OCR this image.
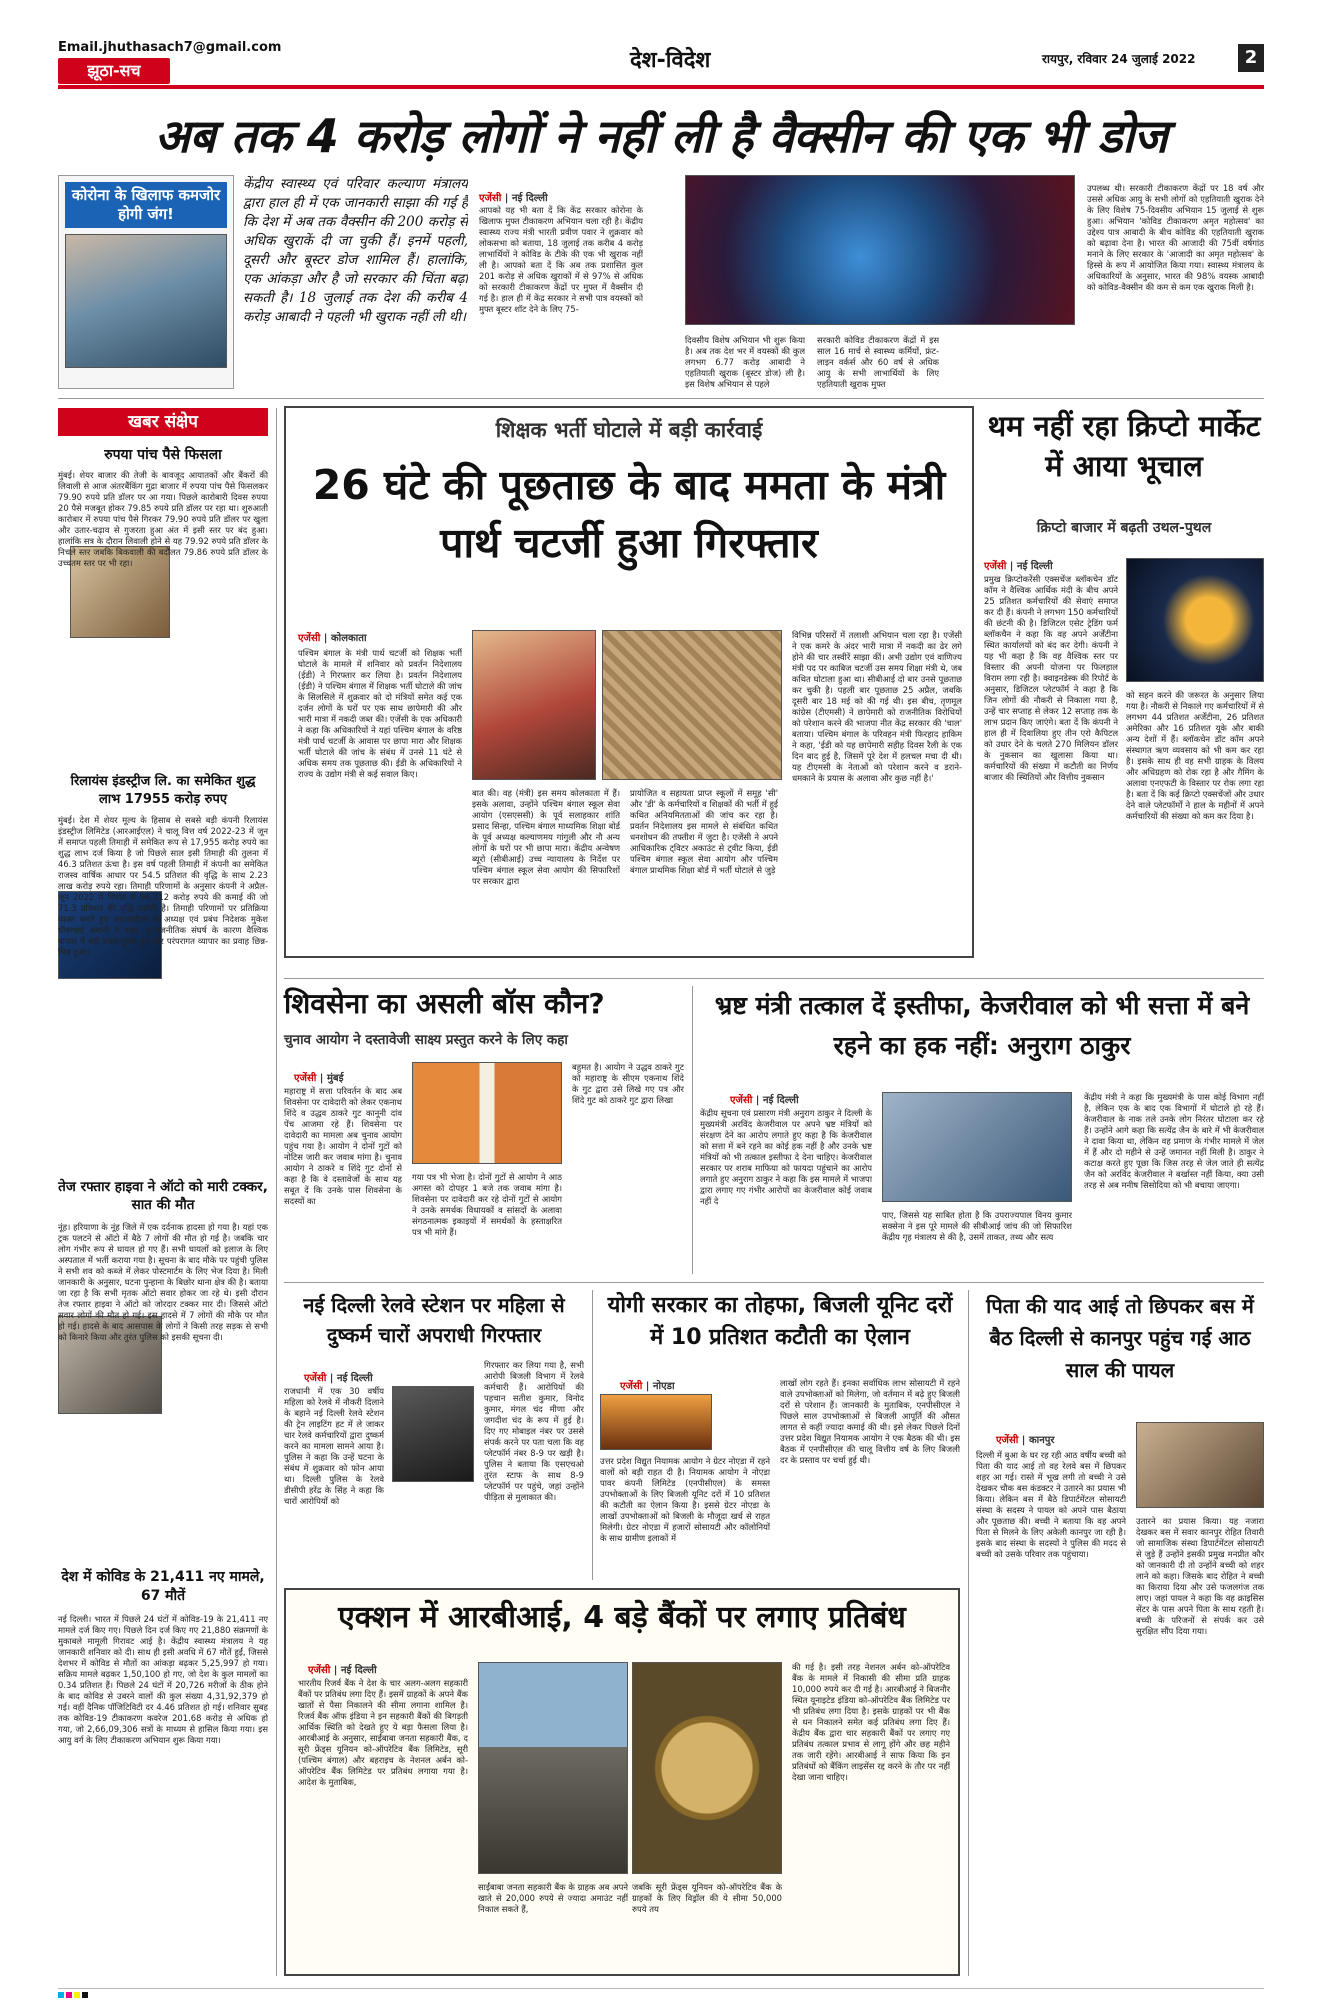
Email.jhuthasach7@gmail.com
झूठा-सच	देश-विदेश	रायपुर, रविवार 24 जुलाई 2022	2
अब तक 4 करोड़ लोगों ने नहीं ली है वैक्सीन की एक भी डोज
कोरोना के खिलाफ कमजोर होगी जंग!
केंद्रीय स्वास्थ्य एवं परिवार कल्याण मंत्रालय द्वारा हाल ही में एक जानकारी साझा की गई है कि देश में अब तक वैक्सीन की 200 करोड़ से अधिक खुराकें दी जा चुकी हैं। इनमें पहली, दूसरी और बूस्टर डोज शामिल हैं। हालांकि, एक आंकड़ा और है जो सरकार की चिंता बढ़ा सकती है। 18 जुलाई तक देश की करीब 4 करोड़ आबादी ने पहली भी खुराक नहीं ली थी।
एजेंसी | नई दिल्ली
आपको यह भी बता दें कि केंद्र सरकार कोरोना के खिलाफ मुफ्त टीकाकरण अभियान चला रही है। केंद्रीय स्वास्थ्य राज्य मंत्री भारती प्रवीण पवार ने शुक्रवार को लोकसभा को बताया, 18 जुलाई तक करीब 4 करोड़ लाभार्थियों ने कोविड के टीके की एक भी खुराक नहीं ली है। आपको बता दें कि अब तक प्रशासित कुल 201 करोड़ से अधिक खुराकों में से 97% से अधिक को सरकारी टीकाकरण केंद्रों पर मुफ्त में वैक्सीन दी गई है। हाल ही में केंद्र सरकार ने सभी पात्र वयस्कों को मुफ्त बूस्टर शॉट देने के लिए 75-
दिवसीय विशेष अभियान भी शुरू किया है। अब तक देश भर में वयस्कों की कुल लगभग 6.77 करोड़ आबादी ने एहतियाती खुराक (बूस्टर डोज) ली है। इस विशेष अभियान से पहले
सरकारी कोविड टीकाकरण केंद्रों में इस साल 16 मार्च से स्वास्थ्य कर्मियों, फ्रंट-लाइन वर्कर्स और 60 वर्ष से अधिक आयु के सभी लाभार्थियों के लिए एहतियाती खुराक मुफ्त
उपलब्ध थी। सरकारी टीकाकरण केंद्रों पर 18 वर्ष और उससे अधिक आयु के सभी लोगों को एहतियाती खुराक देने के लिए विशेष 75-दिवसीय अभियान 15 जुलाई से शुरू हुआ। अभियान 'कोविड टीकाकरण अमृत महोत्सव' का उद्देश्य पात्र आबादी के बीच कोविड की एहतियाती खुराक को बढ़ावा देना है। भारत की आजादी की 75वीं वर्षगांठ मनाने के लिए सरकार के 'आजादी का अमृत महोत्सव' के हिस्से के रूप में आयोजित किया गया। स्वास्थ्य मंत्रालय के अधिकारियों के अनुसार, भारत की 98% वयस्क आबादी को कोविड-वैक्सीन की कम से कम एक खुराक मिली है।
खबर संक्षेप
रुपया पांच पैसे फिसला
मुंबई। शेयर बाजार की तेजी के बावजूद आयातकों और बैंकरों की लिवाली से आज अंतरबैंकिंग मुद्रा बाजार में रुपया पांच पैसे फिसलकर 79.90 रुपये प्रति डॉलर पर आ गया। पिछले कारोबारी दिवस रुपया 20 पैसे मजबूत होकर 79.85 रुपये प्रति डॉलर पर रहा था। शुरुआती कारोबार में रुपया पांच पैसे गिरकर 79.90 रुपये प्रति डॉलर पर खुला और उतार-चढ़ाव से गुजरता हुआ अंत में इसी स्तर पर बंद हुआ। हालांकि सत्र के दौरान लिवाली होने से यह 79.92 रुपये प्रति डॉलर के निचले स्तर जबकि बिकवाली की बदौलत 79.86 रुपये प्रति डॉलर के उच्चतम स्तर पर भी रहा।
रिलायंस इंडस्ट्रीज लि. का समेकित शुद्ध लाभ 17955 करोड़ रुपए
मुंबई। देश में शेयर मूल्य के हिसाब से सबसे बड़ी कंपनी रिलायंस इंडस्ट्रीज लिमिटेड (आरआईएल) ने चालू वित्त वर्ष 2022-23 में जून में समाप्त पहली तिमाही में समेकित रूप से 17,955 करोड़ रुपये का शुद्ध लाभ दर्ज किया है जो पिछले साल इसी तिमाही की तुलना में 46.3 प्रतिशत ऊंचा है। इस वर्ष पहली तिमाही में कंपनी का समेकित राजस्व वार्षिक आधार पर 54.5 प्रतिशत की वृद्धि के साथ 2.23 लाख करोड़ रुपये रहा। तिमाही परिणामों के अनुसार कंपनी ने अप्रैल-जून 2022 में निर्यात से 96,212 करोड़ रुपये की कमाई की जो 71.3 प्रतिशत की वृद्धि दर्शाती है। तिमाही परिणामों पर प्रतिक्रिया व्यक्त करते हुए आरआईएल के अध्यक्ष एवं प्रबंध निदेशक मुकेश धीरूभाई अंबानी ने कहा, भू-राजनीतिक संघर्ष के कारण वैश्विक बाजार में बड़ी उथल-पुथल हुई और परंपरागत व्यापार का प्रवाह छिन्न-भिन्न हुआ।
तेज रफ्तार हाइवा ने ऑटो को मारी टक्कर, सात की मौत
नूंह। हरियाणा के नूंह जिले में एक दर्दनाक हादसा हो गया है। यहां एक ट्रक पलटने से ऑटो में बैठे 7 लोगों की मौत हो गई है। जबकि चार लोग गंभीर रूप से घायल हो गए हैं। सभी घायलों को इलाज के लिए अस्पताल में भर्ती कराया गया है। सूचना के बाद मौके पर पहुंची पुलिस ने सभी शव को कब्जे में लेकर पोस्टमार्टम के लिए भेज दिया है। मिली जानकारी के अनुसार, घटना पुन्हाना के बिछोर थाना क्षेत्र की है। बताया जा रहा है कि सभी मृतक ऑटो सवार होकर जा रहे थे। इसी दौरान तेज रफ्तार हाइवा ने ऑटो को जोरदार टक्कर मार दी। जिससे ऑटो सवार लोगों की मौत हो गई। इस हादसे में 7 लोगों की मौके पर मौत हो गई। हादसे के बाद आसपास के लोगों ने किसी तरह सड़क से सभी को किनारे किया और तुरंत पुलिस को इसकी सूचना दी।
देश में कोविड के 21,411 नए मामले, 67 मौतें
नई दिल्ली। भारत में पिछले 24 घंटों में कोविड-19 के 21,411 नए मामले दर्ज किए गए। पिछले दिन दर्ज किए गए 21,880 संक्रमणों के मुकाबले मामूली गिरावट आई है। केंद्रीय स्वास्थ्य मंत्रालय ने यह जानकारी शनिवार को दी। साथ ही इसी अवधि में 67 मौतें हुईं, जिससे देशभर में कोविड से मौतों का आंकड़ा बढ़कर 5,25,997 हो गया। सक्रिय मामले बढ़कर 1,50,100 हो गए, जो देश के कुल मामलों का 0.34 प्रतिशत हैं। पिछले 24 घंटों में 20,726 मरीजों के ठीक होने के बाद कोविड से उबरने वालों की कुल संख्या 4,31,92,379 हो गई। वहीं दैनिक पॉजिटिविटी दर 4.46 प्रतिशत हो गई। शनिवार सुबह तक कोविड-19 टीकाकरण कवरेज 201.68 करोड़ से अधिक हो गया, जो 2,66,09,306 सत्रों के माध्यम से हासिल किया गया। इस आयु वर्ग के लिए टीकाकरण अभियान शुरू किया गया।
शिक्षक भर्ती घोटाले में बड़ी कार्रवाई
26 घंटे की पूछताछ के बाद ममता के मंत्री पार्थ चटर्जी हुआ गिरफ्तार
एजेंसी | कोलकाता
पश्चिम बंगाल के मंत्री पार्थ चटर्जी को शिक्षक भर्ती घोटाले के मामले में शनिवार को प्रवर्तन निदेशालय (ईडी) ने गिरफ्तार कर लिया है। प्रवर्तन निदेशालय (ईडी) ने पश्चिम बंगाल में शिक्षक भर्ती घोटाले की जांच के सिलसिले में शुक्रवार को दो मंत्रियों समेत कई एक दर्जन लोगों के घरों पर एक साथ छापेमारी की और भारी मात्रा में नकदी जब्त की। एजेंसी के एक अधिकारी ने कहा कि अधिकारियों ने यहां पश्चिम बंगाल के वरिष्ठ मंत्री पार्थ चटर्जी के आवास पर छापा मारा और शिक्षक भर्ती घोटाले की जांच के संबंध में उनसे 11 घंटे से अधिक समय तक पूछताछ की। ईडी के अधिकारियों ने राज्य के उद्योग मंत्री से कई सवाल किए।
बात की। वह (मंत्री) इस समय कोलकाता में हैं। इसके अलावा, उन्होंने पश्चिम बंगाल स्कूल सेवा आयोग (एसएससी) के पूर्व सलाहकार शांति प्रसाद सिन्हा, पश्चिम बंगाल माध्यमिक शिक्षा बोर्ड के पूर्व अध्यक्ष कल्याणमय गांगुली और नौ अन्य लोगों के घरों पर भी छापा मारा। केंद्रीय अन्वेषण ब्यूरो (सीबीआई) उच्च न्यायालय के निर्देश पर पश्चिम बंगाल स्कूल सेवा आयोग की सिफारिशों पर सरकार द्वारा
प्रायोजित व सहायता प्राप्त स्कूलों में समूह 'सी' और 'डी' के कर्मचारियों व शिक्षकों की भर्ती में हुई कथित अनियमितताओं की जांच कर रहा है। प्रवर्तन निदेशालय इस मामले से संबंधित कथित धनशोधन की तफ्तीश में जुटा है। एजेंसी ने अपने आधिकारिक ट्विटर अकाउंट से ट्वीट किया, ईडी पश्चिम बंगाल स्कूल सेवा आयोग और पश्चिम बंगाल प्राथमिक शिक्षा बोर्ड में भर्ती घोटाले से जुड़े
विभिन्न परिसरों में तलाशी अभियान चला रहा है। एजेंसी ने एक कमरे के अंदर भारी मात्रा में नकदी का ढेर लगे होने की चार तस्वीरें साझा कीं। अभी उद्योग एवं वाणिज्य मंत्री पद पर काबिज चटर्जी उस समय शिक्षा मंत्री थे, जब कथित घोटाला हुआ था। सीबीआई दो बार उनसे पूछताछ कर चुकी है। पहली बार पूछताछ 25 अप्रैल, जबकि दूसरी बार 18 मई को की गई थी। इस बीच, तृणमूल कांग्रेस (टीएमसी) ने छापेमारी को राजनीतिक विरोधियों को परेशान करने की भाजपा नीत केंद्र सरकार की 'चाल' बताया। पश्चिम बंगाल के परिवहन मंत्री फिरहाद हाकिम ने कहा, 'ईडी को यह छापेमारी सहीह दिवस रैली के एक दिन बाद हुई है, जिसमें पूरे देश में हलचल मचा दी थी। यह टीएमसी के नेताओं को परेशान करने व डराने-धमकाने के प्रयास के अलावा और कुछ नहीं है।'
थम नहीं रहा क्रिप्टो मार्केट में आया भूचाल
क्रिप्टो बाजार में बढ़ती उथल-पुथल
एजेंसी | नई दिल्ली
प्रमुख क्रिप्टोकरेंसी एक्सचेंज ब्लॉकचेन डॉट कॉम ने वैश्विक आर्थिक मंदी के बीच अपने 25 प्रतिशत कर्मचारियों की सेवाएं समाप्त कर दी हैं। कंपनी ने लगभग 150 कर्मचारियों की छंटनी की है। डिजिटल एसेट ट्रेडिंग फर्म ब्लॉकचैन ने कहा कि वह अपने अर्जेंटीना स्थित कार्यालयों को बंद कर देगी। कंपनी ने यह भी कहा है कि वह वैश्विक स्तर पर विस्तार की अपनी योजना पर फिलहाल विराम लगा रही है। क्वाइनडेस्क की रिपोर्ट के अनुसार, डिजिटल प्लेटफॉर्म ने कहा है कि जिन लोगों की नौकरी से निकाला गया है, उन्हें चार सप्ताह से लेकर 12 सप्ताह तक के लाभ प्रदान किए जाएंगे। बता दें कि कंपनी ने हाल ही में दिवालिया हुए तीन एरो कैपिटल को उधार देने के चलते 270 मिलियन डॉलर के नुकसान का खुलासा किया था। कर्मचारियों की संख्या में कटौती का निर्णय बाजार की स्थितियों और वित्तीय नुकसान
को सहन करने की जरूरत के अनुसार लिया गया है। नौकरी से निकाले गए कर्मचारियों में से लगभग 44 प्रतिशत अर्जेंटीना, 26 प्रतिशत अमेरिका और 16 प्रतिशत यूके और बाकी अन्य देशों में हैं। ब्लॉकचेन डॉट कॉम अपने संस्थागत ऋण व्यवसाय को भी कम कर रहा है। इसके साथ ही वह सभी ग्राहक के विलय और अधिग्रहण को रोक रहा है और गैमिंग के अलावा एनएफटी के विस्तार पर रोक लगा रहा है। बता दें कि कई क्रिप्टो एक्सचेंजों और उधार देने वाले प्लेटफॉर्मों ने हाल के महीनों में अपने कर्मचारियों की संख्या को कम कर दिया है।
शिवसेना का असली बॉस कौन?
चुनाव आयोग ने दस्तावेजी साक्ष्य प्रस्तुत करने के लिए कहा
एजेंसी | मुंबई
महाराष्ट्र में सत्ता परिवर्तन के बाद अब शिवसेना पर दावेदारी को लेकर एकनाथ शिंदे व उद्धव ठाकरे गुट कानूनी दांव पेंच आजमा रहे हैं। शिवसेना पर दावेदारी का मामला अब चुनाव आयोग पहुंच गया है। आयोग ने दोनों गुटों को नोटिस जारी कर जवाब मांगा है। चुनाव आयोग ने ठाकरे व शिंदे गुट दोनों से कहा है कि वे दस्तावेजों के साथ यह सबूत दें कि उनके पास शिवसेना के सदस्यों का
गया पत्र भी भेजा है। दोनों गुटों से आयोग ने आठ अगस्त को दोपहर 1 बजे तक जवाब मांगा है। शिवसेना पर दावेदारी कर रहे दोनों गुटों से आयोग ने उनके समर्थक विधायकों व सांसदों के अलावा संगठनात्मक इकाइयों में समर्थकों के हस्ताक्षरित पत्र भी मांगे हैं।
बहुमत है। आयोग ने उद्धव ठाकरे गुट को महाराष्ट्र के सीएम एकनाथ शिंदे के गुट द्वारा उसे लिखे गए पत्र और शिंदे गुट को ठाकरे गुट द्वारा लिखा
भ्रष्ट मंत्री तत्काल दें इस्तीफा, केजरीवाल को भी सत्ता में बने रहने का हक नहीं: अनुराग ठाकुर
एजेंसी | नई दिल्ली
केंद्रीय सूचना एवं प्रसारण मंत्री अनुराग ठाकुर ने दिल्ली के मुख्यमंत्री अरविंद केजरीवाल पर अपने भ्रष्ट मंत्रियों को संरक्षण देने का आरोप लगाते हुए कहा है कि केजरीवाल को सत्ता में बने रहने का कोई हक नहीं है और उनके भ्रष्ट मंत्रियों को भी तत्काल इस्तीफा दे देना चाहिए। केजरीवाल सरकार पर शराब माफिया को फायदा पहुंचाने का आरोप लगाते हुए अनुराग ठाकुर ने कहा कि इस मामले में भाजपा द्वारा लगाए गए गंभीर आरोपों का केजरीवाल कोई जवाब नहीं दे
पाए, जिससे यह साबित होता है कि उपराज्यपाल विनय कुमार सक्सेना ने इस पूरे मामले की सीबीआई जांच की जो सिफारिश केंद्रीय गृह मंत्रालय से की है, उसमें ताकत, तथ्य और सत्य
केंद्रीय मंत्री ने कहा कि मुख्यमंत्री के पास कोई विभाग नहीं है, लेकिन एक के बाद एक विभागों में घोटाले हो रहे हैं। केजरीवाल के नाक तले उनके लोग निरंतर घोटाला कर रहे हैं। उन्होंने आगे कहा कि सत्येंद्र जैन के बारे में भी केजरीवाल ने दावा किया था, लेकिन वह प्रमाण के गंभीर मामले में जेल में हैं और दो महीने से उन्हें जमानत नहीं मिली है। ठाकुर ने कटाक्ष करते हुए पूछा कि जिस तरह से जेल जाते ही सत्येंद्र जैन को अरविंद केजरीवाल ने बर्खास्त नहीं किया, क्या उसी तरह से अब मनीष सिसोदिया को भी बचाया जाएगा।
नई दिल्ली रेलवे स्टेशन पर महिला से दुष्कर्म चारों अपराधी गिरफ्तार
एजेंसी | नई दिल्ली
राजधानी में एक 30 वर्षीय महिला को रेलवे में नौकरी दिलाने के बहाने नई दिल्ली रेलवे स्टेशन की ट्रेन लाइटिंग हट में ले जाकर चार रेलवे कर्मचारियों द्वारा दुष्कर्म करने का मामला सामने आया है। पुलिस ने कहा कि उन्हें घटना के संबंध में शुक्रवार को फोन आया था। दिल्ली पुलिस के रेलवे डीसीपी हरेंद्र के सिंह ने कहा कि चारों आरोपियों को
गिरफ्तार कर लिया गया है, सभी आरोपी बिजली विभाग में रेलवे कर्मचारी हैं। आरोपियों की पहचान सतीश कुमार, विनोद कुमार, मंगल चंद मीणा और जगदीश चंद के रूप में हुई है। दिए गए मोबाइल नंबर पर उससे संपर्क करने पर पता चला कि वह प्लेटफॉर्म नंबर 8-9 पर खड़ी है। पुलिस ने बताया कि एसएचओ तुरंत स्टाफ के साथ 8-9 प्लेटफॉर्म पर पहुंचे, जहां उन्होंने पीड़िता से मुलाकात की।
योगी सरकार का तोहफा, बिजली यूनिट दरों में 10 प्रतिशत कटौती का ऐलान
एजेंसी | नोएडा
उत्तर प्रदेश विद्युत नियामक आयोग ने ग्रेटर नोएडा में रहने वालों को बड़ी राहत दी है। नियामक आयोग ने नोएडा पावर कंपनी लिमिटेड (एनपीसीएल) के समस्त उपभोक्ताओं के लिए बिजली यूनिट दरों में 10 प्रतिशत की कटौती का ऐलान किया है। इससे ग्रेटर नोएडा के लाखों उपभोक्ताओं को बिजली के मौजूदा खर्च से राहत मिलेगी। ग्रेटर नोएडा में हजारों सोसायटी और कॉलोनियों के साथ ग्रामीण इलाकों में
लाखों लोग रहते हैं। इनका सर्वाधिक लाभ सोसायटी में रहने वाले उपभोक्ताओं को मिलेगा, जो वर्तमान में बढ़े हुए बिजली दरों से परेशान हैं। जानकारी के मुताबिक, एनपीसीएल ने पिछले साल उपभोक्ताओं से बिजली आपूर्ति की औसत लागत से कहीं ज्यादा कमाई की थी। इसे लेकर पिछले दिनों उत्तर प्रदेश विद्युत नियामक आयोग ने एक बैठक की थी। इस बैठक में एनपीसीएल की चालू वित्तीय वर्ष के लिए बिजली दर के प्रस्ताव पर चर्चा हुई थी।
पिता की याद आई तो छिपकर बस में बैठ दिल्ली से कानपुर पहुंच गई आठ साल की पायल
एजेंसी | कानपुर
दिल्ली में बुआ के घर रह रही आठ वर्षीय बच्ची को पिता की याद आई तो वह रेलवे बस में छिपकर शहर आ गई। रास्ते में भूख लगी तो बच्ची ने उसे देखकर चौक बस कंडक्टर ने उतारने का प्रयास भी किया। लेकिन बस में बैठे डिपार्टमेंटल सोसायटी संस्था के सदस्य ने पायल को अपने पास बैठाया और पूछताछ की। बच्ची ने बताया कि वह अपने पिता से मिलने के लिए अकेली कानपुर जा रही है। इसके बाद संस्था के सदस्यों ने पुलिस की मदद से बच्ची को उसके परिवार तक पहुंचाया।
उतारने का प्रयास किया। यह नजारा देखकर बस में सवार कानपुर रोहित तिवारी जो सामाजिक संस्था डिपार्टमेंटल सोसायटी से जुड़े हैं उन्होंने इसकी प्रमुख मनप्रीत कौर को जानकारी दी तो उन्होंने बच्ची को शहर लाने को कहा। जिसके बाद रोहित ने बच्ची का किराया दिया और उसे फजलगंज तक लाए। जहां पायल ने कहा कि वह क्राइसिस सेंटर के पास अपने पिता के साथ रहती है। बच्ची के परिजनों से संपर्क कर उसे सुरक्षित सौंप दिया गया।
एक्शन में आरबीआई, 4 बड़े बैंकों पर लगाए प्रतिबंध
एजेंसी | नई दिल्ली
भारतीय रिजर्व बैंक ने देश के चार अलग-अलग सहकारी बैंकों पर प्रतिबंध लगा दिए हैं। इसमें ग्राहकों के अपने बैंक खातों से पैसा निकालने की सीमा लगाना शामिल है। रिजर्व बैंक ऑफ इंडिया ने इन सहकारी बैंकों की बिगड़ती आर्थिक स्थिति को देखते हुए ये बड़ा फैसला लिया है। आरबीआई के अनुसार, साईंबाबा जनता सहकारी बैंक, द सूरी फ्रेंड्स यूनियन को-ऑपरेटिव बैंक लिमिटेड, सूरी (पश्चिम बंगाल) और बहराइच के नेशनल अर्बन को-ऑपरेटिव बैंक लिमिटेड पर प्रतिबंध लगाया गया है। आदेश के मुताबिक,
साईंबाबा जनता सहकारी बैंक के ग्राहक अब अपने खाते से 20,000 रुपये से ज्यादा अमाउंट नहीं निकाल सकते हैं,
जबकि सूरी फ्रेंड्स यूनियन को-ऑपरेटिव बैंक के ग्राहकों के लिए विड्रॉल की ये सीमा 50,000 रुपये तय
की गई है। इसी तरह नेशनल अर्बन को-ऑपरेटिव बैंक के मामले में निकासी की सीमा प्रति ग्राहक 10,000 रुपये कर दी गई है। आरबीआई ने बिजनौर स्थित यूनाइटेड इंडिया को-ऑपरेटिव बैंक लिमिटेड पर भी प्रतिबंध लगा दिया है। इसके ग्राहकों पर भी बैंक से धन निकालने समेत कई प्रतिबंध लगा दिए हैं। केंद्रीय बैंक द्वारा चार सहकारी बैंकों पर लगाए गए प्रतिबंध तत्काल प्रभाव से लागू होंगे और छह महीने तक जारी रहेंगे। आरबीआई ने साफ किया कि इन प्रतिबंधों को बैंकिंग लाइसेंस रद्द करने के तौर पर नहीं देखा जाना चाहिए।
